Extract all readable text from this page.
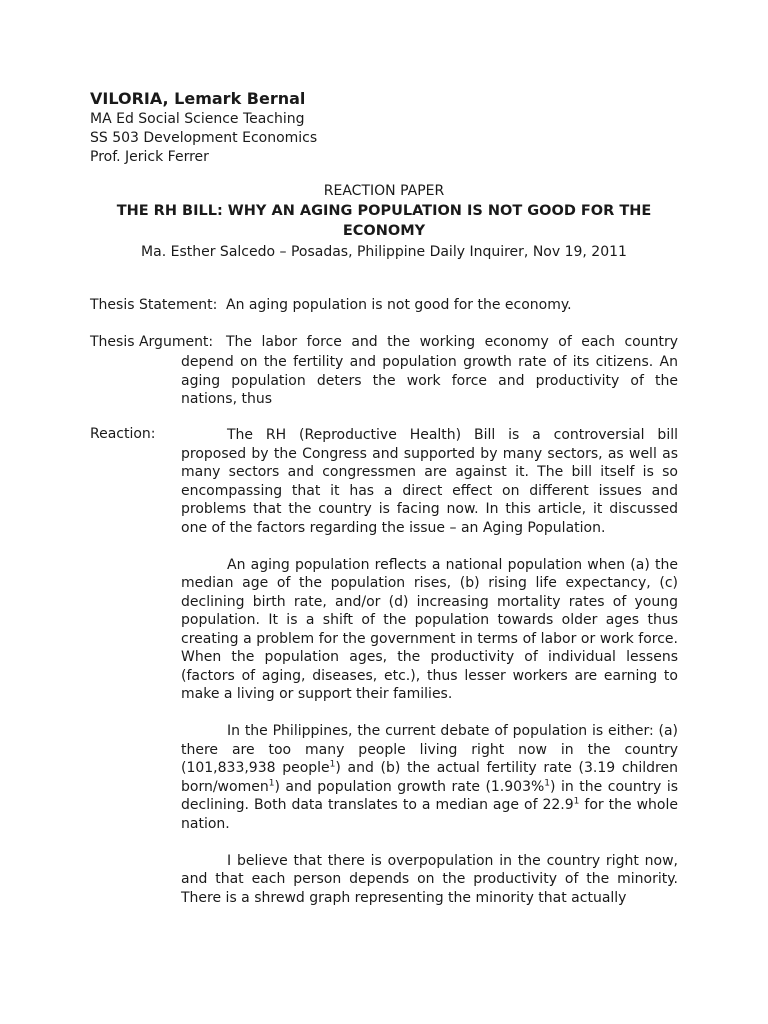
VILORIA, Lemark Bernal

MA Ed Social Science Teaching

SS 503 Development Economics

Prof. Jerick Ferrer

REACTION PAPER

THE RH BILL: WHY AN AGING POPULATION IS NOT GOOD FOR THE

ECONOMY

Ma. Esther Salcedo – Posadas, Philippine Daily Inquirer, Nov 19, 2011

Thesis Statement: An aging population is not good for the economy.
Thesis Argument: The labor force and the working economy of each country
depend on the fertility and population growth rate of its citizens. An aging population deters the work force and productivity of the nations, thus
Reaction:	The RH (Reproductive Health) Bill is a controversial bill proposed by the Congress and supported by many sectors, as well as many sectors and congressmen are against it. The bill itself is so encompassing that it has a direct effect on different issues and problems that the country is facing now. In this article, it discussed one of the factors regarding the issue – an Aging Population.

An aging population reflects a national population when (a) the median age of the population rises, (b) rising life expectancy, (c) declining birth rate, and/or (d) increasing mortality rates of young population. It is a shift of the population towards older ages thus creating a problem for the government in terms of labor or work force. When the population ages, the productivity of individual lessens (factors of aging, diseases, etc.), thus lesser workers are earning to make a living or support their families.

In the Philippines, the current debate of population is either: (a) there are too many people living right now in the country (101,833,938 people$^1$) and (b) the actual fertility rate (3.19 children born/women$^1$) and population growth rate (1.903%$^1$) in the country is declining. Both data translates to a median age of 22.9$^1$ for the whole nation.

I believe that there is overpopulation in the country right now, and that each person depends on the productivity of the minority. There is a shrewd graph representing the minority that actually
